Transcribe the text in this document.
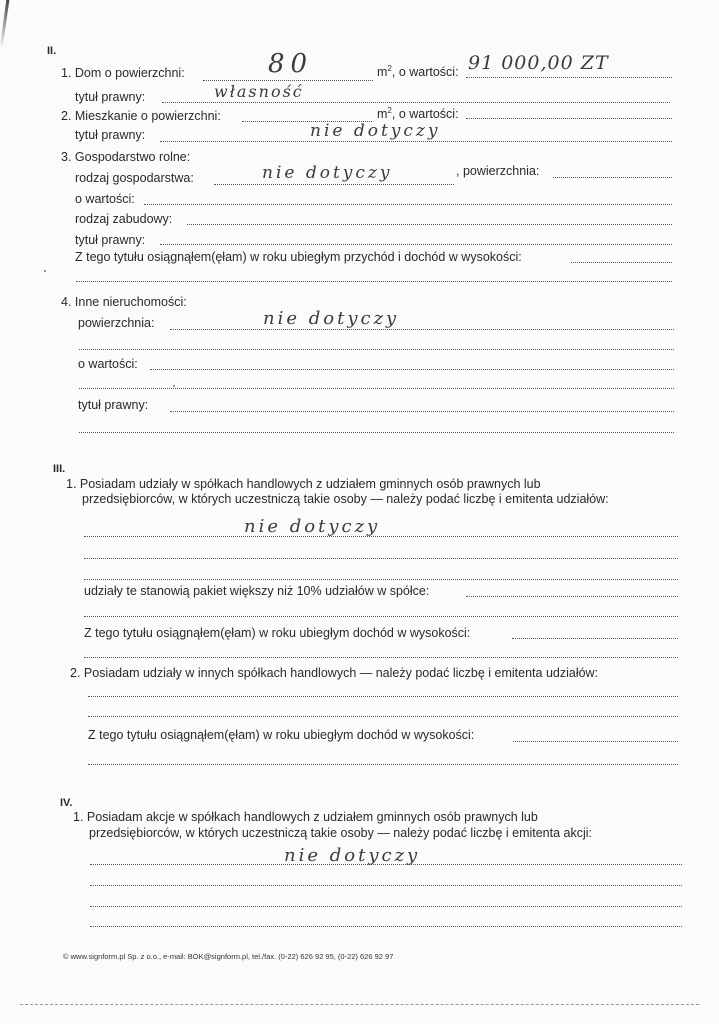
II.
1. Dom o powierzchni:	80	$m^2$, o wartości: 91 000,00 ZT
tytuł prawny:	własność
2. Mieszkanie o powierzchni:	$m^2$, o wartości:
tytuł prawny:	nie dotyczy
3. Gospodarstwo rolne:
rodzaj gospodarstwa:	nie dotyczy	, powierzchnia:
o wartości:
rodzaj zabudowy:
tytuł prawny:
Z tego tytułu osiągnąłem(ęłam) w roku ubiegłym przychód i dochód w wysokości:
4. Inne nieruchomości:
powierzchnia:	nie dotyczy
o wartości:
tytuł prawny:
III.
1. Posiadam udziały w spółkach handlowych z udziałem gminnych osób prawnych lub
przedsiębiorców, w których uczestniczą takie osoby — należy podać liczbę i emitenta udziałów:
nie dotyczy
udziały te stanowią pakiet większy niż 10% udziałów w spółce:
Z tego tytułu osiągnąłem(ęłam) w roku ubiegłym dochód w wysokości:
2. Posiadam udziały w innych spółkach handlowych — należy podać liczbę i emitenta udziałów:
Z tego tytułu osiągnąłem(ęłam) w roku ubiegłym dochód w wysokości:
IV.
1. Posiadam akcje w spółkach handlowych z udziałem gminnych osób prawnych lub
przedsiębiorców, w których uczestniczą takie osoby — należy podać liczbę i emitenta akcji:
nie dotyczy
© www.signform.pl Sp. z o.o., e-mail: BOK@signform.pl, tel./fax. (0-22) 626 92 95, (0-22) 626 92 97
